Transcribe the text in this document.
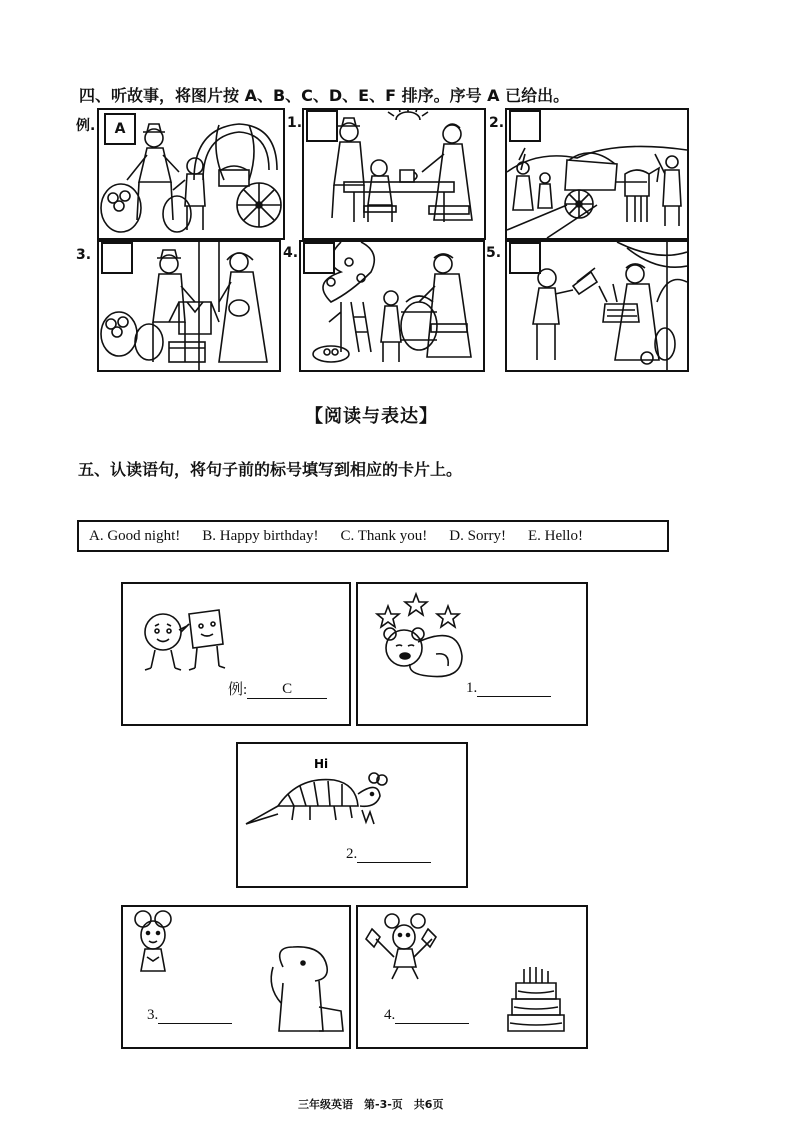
四、听故事，将图片按 A、B、C、D、E、F 排序。序号 A 已给出。
例.	1.	2.
3.	4.	5.
A
【阅读与表达】
五、认读语句，将句子前的标号填写到相应的卡片上。
A. Good night! B. Happy birthday! C. Thank you! D. Sorry! E. Hello!
例:	C	1.
Hi
2.
3.	4.
三年级英语　第-3-页　共6页
